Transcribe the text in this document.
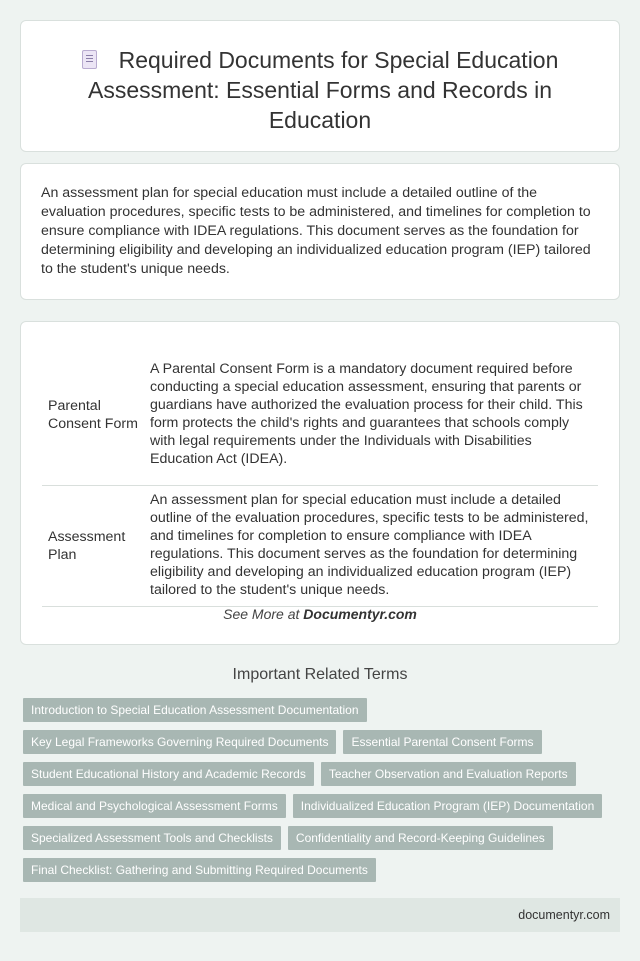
Required Documents for Special Education Assessment: Essential Forms and Records in Education

An assessment plan for special education must include a detailed outline of the evaluation procedures, specific tests to be administered, and timelines for completion to ensure compliance with IDEA regulations. This document serves as the foundation for determining eligibility and developing an individualized education program (IEP) tailored to the student's unique needs.

Parental Consent Form	A Parental Consent Form is a mandatory document required before conducting a special education assessment, ensuring that parents or guardians have authorized the evaluation process for their child. This form protects the child's rights and guarantees that schools comply with legal requirements under the Individuals with Disabilities Education Act (IDEA).
Assessment Plan	An assessment plan for special education must include a detailed outline of the evaluation procedures, specific tests to be administered, and timelines for completion to ensure compliance with IDEA regulations. This document serves as the foundation for determining eligibility and developing an individualized education program (IEP) tailored to the student's unique needs.
See More at Documentyr.com
Important Related Terms
Introduction to Special Education Assessment Documentation
Key Legal Frameworks Governing Required Documents Essential Parental Consent Forms
Student Educational History and Academic Records Teacher Observation and Evaluation Reports
Medical and Psychological Assessment Forms Individualized Education Program (IEP) Documentation
Specialized Assessment Tools and Checklists Confidentiality and Record-Keeping Guidelines
Final Checklist: Gathering and Submitting Required Documents
documentyr.com
